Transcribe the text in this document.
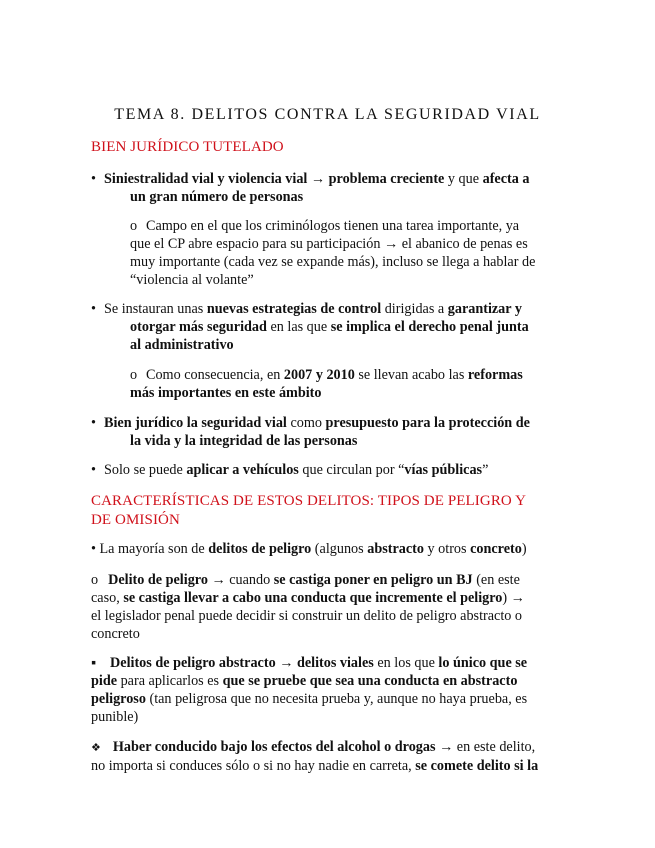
TEMA 8. DELITOS CONTRA LA SEGURIDAD VIAL
BIEN JURÍDICO TUTELADO
• Siniestralidad vial y violencia vial → problema creciente y que afecta a
un gran número de personas
o Campo en el que los criminólogos tienen una tarea importante, ya
que el CP abre espacio para su participación → el abanico de penas es
muy importante (cada vez se expande más), incluso se llega a hablar de
“violencia al volante”
• Se instauran unas nuevas estrategias de control dirigidas a garantizar y
otorgar más seguridad en las que se implica el derecho penal junta
al administrativo
o Como consecuencia, en 2007 y 2010 se llevan acabo las reformas
más importantes en este ámbito
• Bien jurídico la seguridad vial como presupuesto para la protección de
la vida y la integridad de las personas
• Solo se puede aplicar a vehículos que circulan por “vías públicas”
CARACTERÍSTICAS DE ESTOS DELITOS: TIPOS DE PELIGRO Y
DE OMISIÓN
• La mayoría son de delitos de peligro (algunos abstracto y otros concreto)
o Delito de peligro → cuando se castiga poner en peligro un BJ (en este
caso, se castiga llevar a cabo una conducta que incremente el peligro) →
el legislador penal puede decidir si construir un delito de peligro abstracto o
concreto
▪ Delitos de peligro abstracto → delitos viales en los que lo único que se
pide para aplicarlos es que se pruebe que sea una conducta en abstracto
peligroso (tan peligrosa que no necesita prueba y, aunque no haya prueba, es
punible)
❖ Haber conducido bajo los efectos del alcohol o drogas → en este delito,
no importa si conduces sólo o si no hay nadie en carreta, se comete delito si la
